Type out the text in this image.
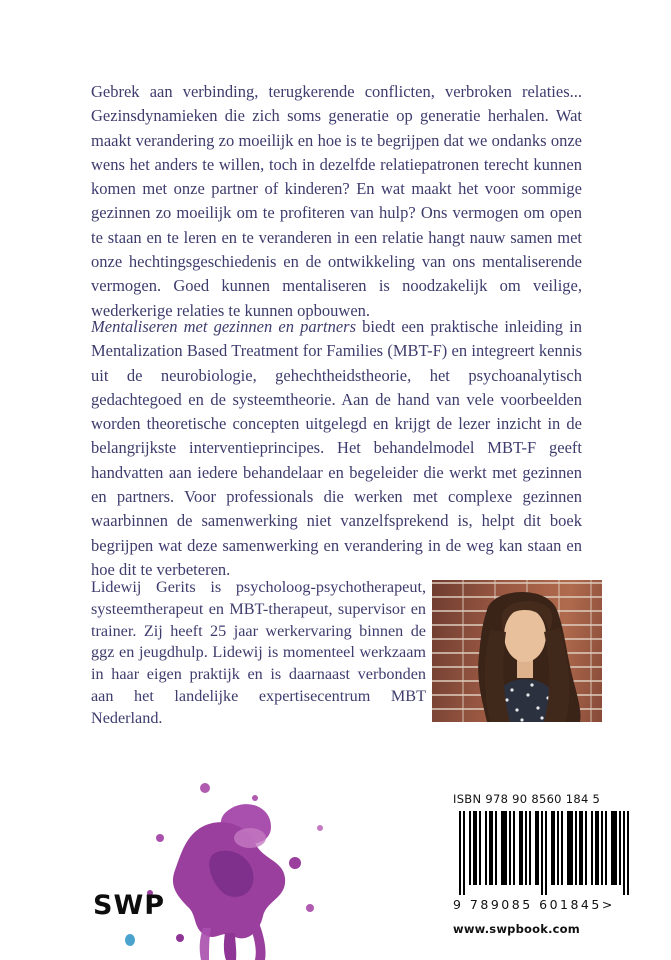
Gebrek aan verbinding, terugkerende conflicten, verbroken relaties... Gezinsdynamieken die zich soms generatie op generatie herhalen. Wat maakt verandering zo moeilijk en hoe is te begrijpen dat we ondanks onze wens het anders te willen, toch in dezelfde relatiepatronen terecht kunnen komen met onze partner of kinderen? En wat maakt het voor sommige gezinnen zo moeilijk om te profiteren van hulp? Ons vermogen om open te staan en te leren en te veranderen in een relatie hangt nauw samen met onze hechtingsgeschiedenis en de ontwikkeling van ons mentaliserende vermogen. Goed kunnen mentaliseren is noodzakelijk om veilige, wederkerige relaties te kunnen opbouwen.

Mentaliseren met gezinnen en partners biedt een praktische inleiding in Mentalization Based Treatment for Families (MBT-F) en integreert kennis uit de neurobiologie, gehechtheidstheorie, het psychoanalytisch gedachtegoed en de systeemtheorie. Aan de hand van vele voorbeelden worden theoretische concepten uitgelegd en krijgt de lezer inzicht in de belangrijkste interventieprincipes. Het behandelmodel MBT-F geeft handvatten aan iedere behandelaar en begeleider die werkt met gezinnen en partners. Voor professionals die werken met complexe gezinnen waarbinnen de samenwerking niet vanzelfsprekend is, helpt dit boek begrijpen wat deze samenwerking en verandering in de weg kan staan en hoe dit te verbeteren.

Lidewij Gerits is psycholoog-psychotherapeut, systeemtherapeut en MBT-therapeut, supervisor en trainer. Zij heeft 25 jaar werkervaring binnen de ggz en jeugdhulp. Lidewij is momenteel werkzaam in haar eigen praktijk en is daarnaast verbonden aan het landelijke expertisecentrum MBT Nederland.

SWP
ISBN 978 90 8560 184 5
9 789085 601845>
www.swpbook.com
